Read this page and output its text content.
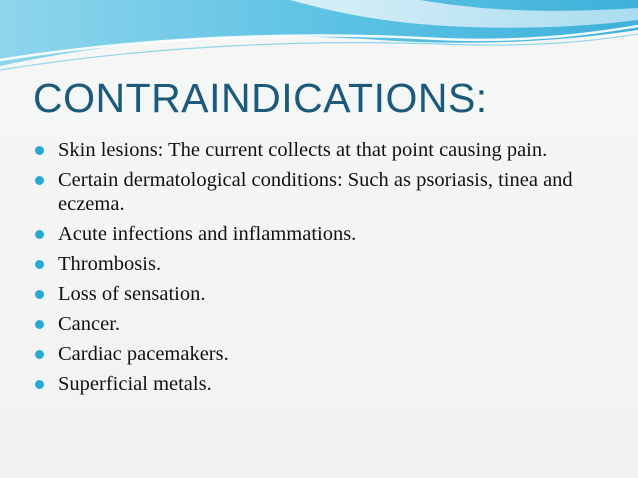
CONTRAINDICATIONS:
Skin lesions: The current collects at that point causing pain.
Certain dermatological conditions: Such as psoriasis, tinea and eczema.
Acute infections and inflammations.
Thrombosis.
Loss of sensation.
Cancer.
Cardiac pacemakers.
Superficial metals.
